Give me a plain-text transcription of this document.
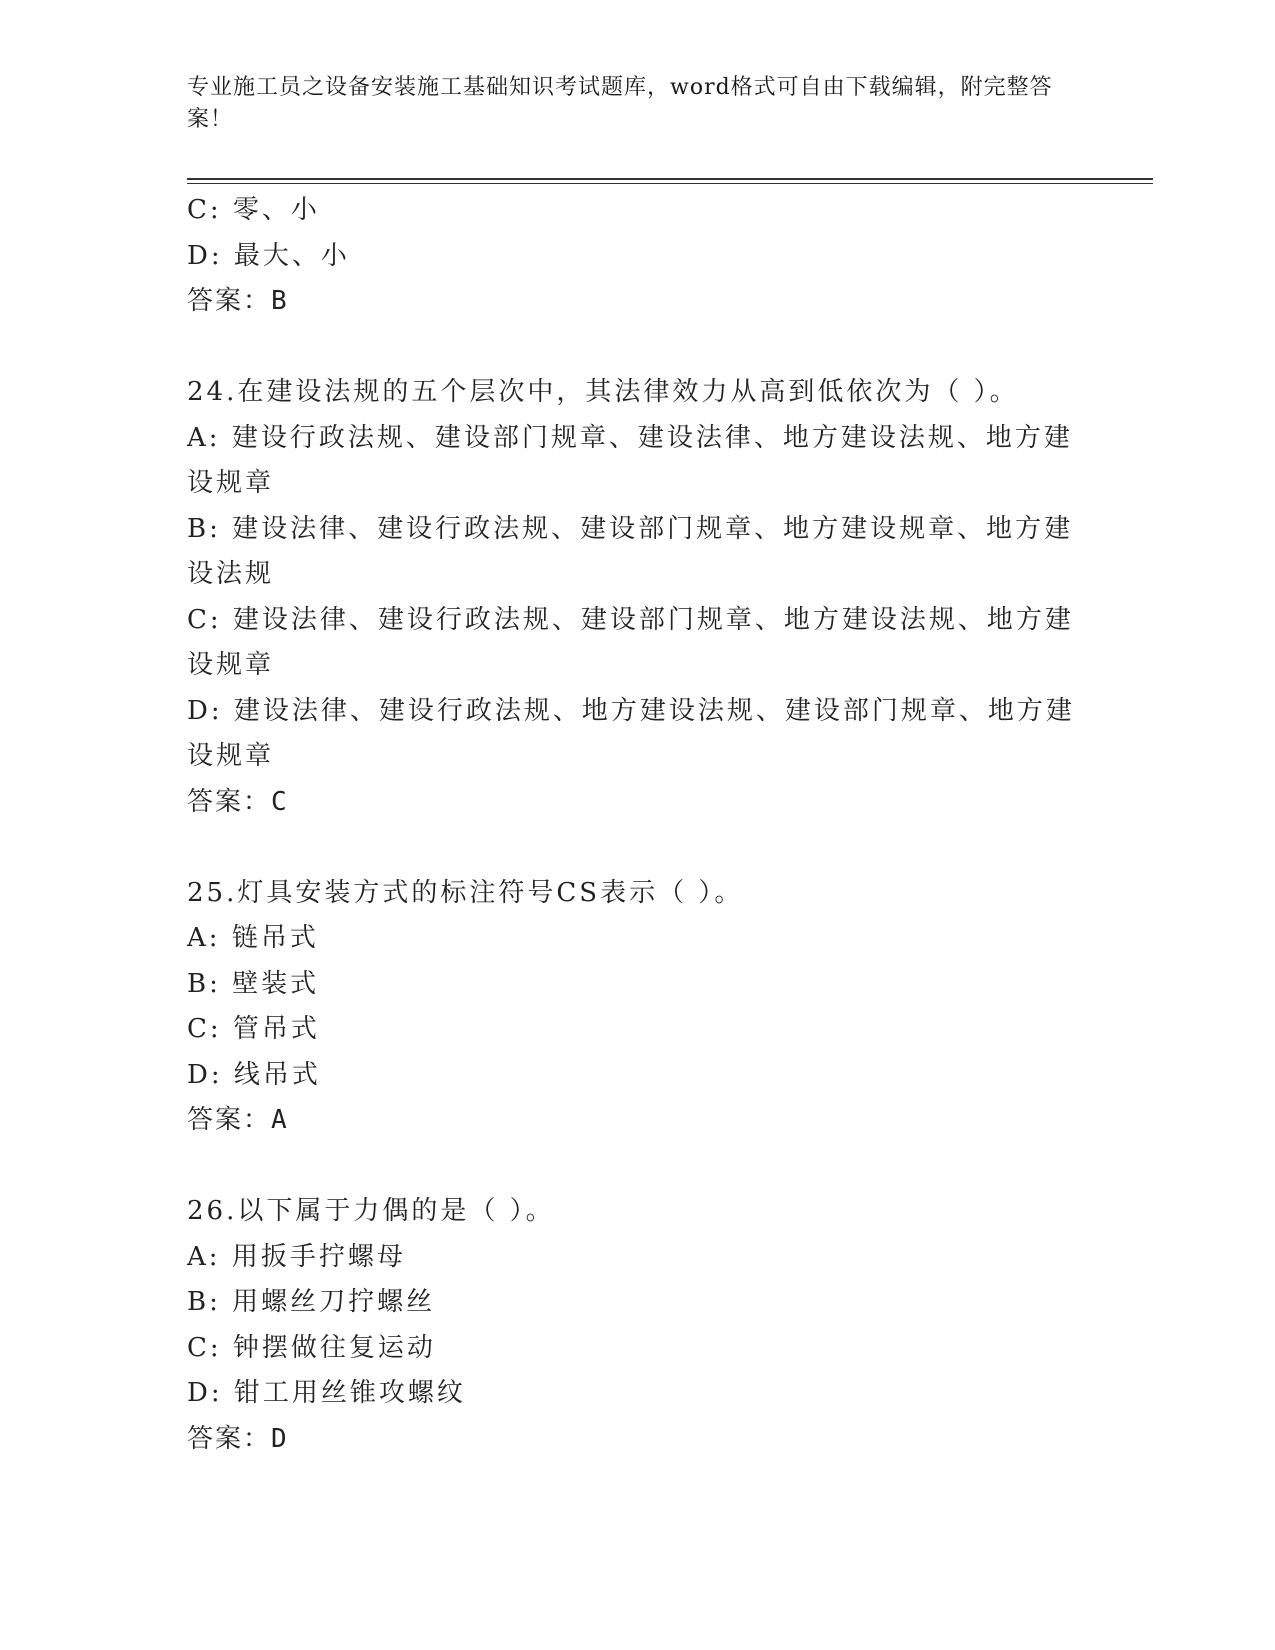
专业施工员之设备安装施工基础知识考试题库，word格式可自由下载编辑，附完整答案！
C: 零、小
D: 最大、小
答案：B
24.在建设法规的五个层次中，其法律效力从高到低依次为（ ）。
A: 建设行政法规、建设部门规章、建设法律、地方建设法规、地方建
设规章
B: 建设法律、建设行政法规、建设部门规章、地方建设规章、地方建
设法规
C: 建设法律、建设行政法规、建设部门规章、地方建设法规、地方建
设规章
D: 建设法律、建设行政法规、地方建设法规、建设部门规章、地方建
设规章
答案：C
25.灯具安装方式的标注符号CS表示（ ）。
A: 链吊式
B: 壁装式
C: 管吊式
D: 线吊式
答案：A
26.以下属于力偶的是（ ）。
A: 用扳手拧螺母
B: 用螺丝刀拧螺丝
C: 钟摆做往复运动
D: 钳工用丝锥攻螺纹
答案：D
